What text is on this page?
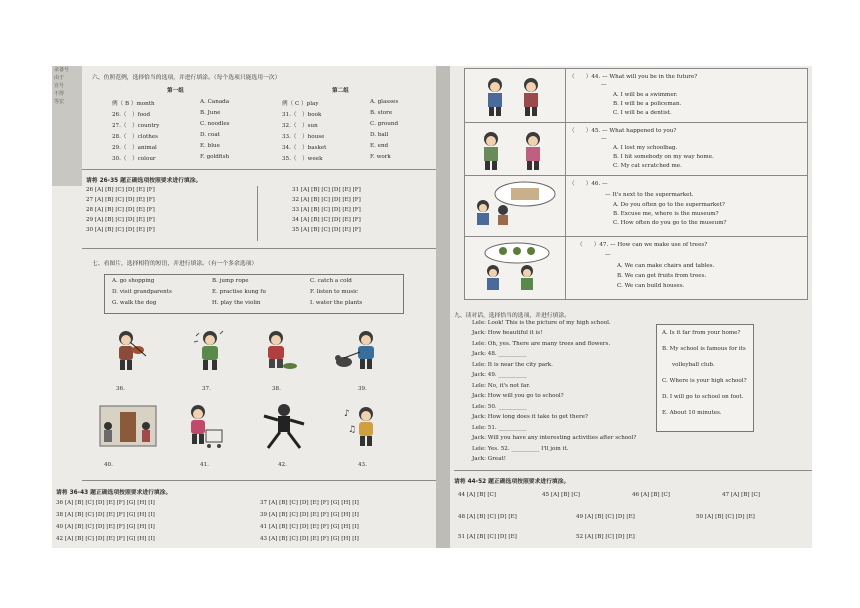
录备号
由于
宣号
不得
等宏
六、仿照范例，选择恰当的选项，并进行填涂。（每个选项只能选用一次）
第一组	第二组
例（ B ）month	A. Canada
26.（　）food	B. June
27.（　）country	C. noodles
28.（　）clothes	D. coat
29.（　）animal	E. blue
30.（　）colour	F. goldfish
例（ C ）play	A. glasses
31.（　）book	B. store
32.（　）sun	C. ground
33.（　）house	D. ball
34.（　）basket	E. end
35.（　）week	F. work
请将 26-35 题正确选项按照要求进行填涂。
26 [A] [B] [C] [D] [E] [F]
27 [A] [B] [C] [D] [E] [F]
28 [A] [B] [C] [D] [E] [F]
29 [A] [B] [C] [D] [E] [F]
30 [A] [B] [C] [D] [E] [F]
31 [A] [B] [C] [D] [E] [F]
32 [A] [B] [C] [D] [E] [F]
33 [A] [B] [C] [D] [E] [F]
34 [A] [B] [C] [D] [E] [F]
35 [A] [B] [C] [D] [E] [F]
七、看图片，选择相符的短语，并进行填涂。（有一个多余选项）
A. go shopping	B. jump rope	C. catch a cold
D. visit grandparents	E. practise kung fu	F. listen to music
G. walk the dog	H. play the violin	I. water the plants
36.	37.	38.	39.
♪
♫
40.	41.	42.	43.
请将 36-43 题正确选项按照要求进行填涂。
36 [A] [B] [C] [D] [E] [F] [G] [H] [I]
38 [A] [B] [C] [D] [E] [F] [G] [H] [I]
40 [A] [B] [C] [D] [E] [F] [G] [H] [I]
42 [A] [B] [C] [D] [E] [F] [G] [H] [I]
37 [A] [B] [C] [D] [E] [F] [G] [H] [I]
39 [A] [B] [C] [D] [E] [F] [G] [H] [I]
41 [A] [B] [C] [D] [E] [F] [G] [H] [I]
43 [A] [B] [C] [D] [E] [F] [G] [H] [I]
（　　）44. — What will you be in the future?
—
A. I will be a swimmer.
B. I will be a policeman.
C. I will be a dentist.
（　　）45. — What happened to you?
—
A. I lost my schoolbag.
B. I hit somebody on my way home.
C. My cat scratched me.
（　　）46. —
— It's next to the supermarket.
A. Do you often go to the supermarket?
B. Excuse me, where is the museum?
C. How often do you go to the museum?
（　　）47. — How can we make use of trees?
—
A. We can make chairs and tables.
B. We can get fruits from trees.
C. We can build houses.
九、读对话，选择恰当的选项，并进行填涂。
Lele: Look! This is the picture of my high school.
Jack: How beautiful it is!
Lele: Oh, yes. There are many trees and flowers.
Jack: 48. __________
Lele: It is near the city park.
Jack: 49. __________
Lele: No, it's not far.
Jack: How will you go to school?
Lele: 50. __________
Jack: How long does it take to get there?
Lele: 51. __________
Jack: Will you have any interesting activities after school?
Lele: Yes. 52. __________ I'll join it.
Jack: Great!
A. Is it far from your home?
B. My school is famous for its
volleyball club.
C. Where is your high school?
D. I will go to school on foot.
E. About 10 minutes.
请将 44-52 题正确选项按照要求进行填涂。
44 [A] [B] [C]	45 [A] [B] [C]	46 [A] [B] [C]	47 [A] [B] [C]
48 [A] [B] [C] [D] [E]	49 [A] [B] [C] [D] [E]	50 [A] [B] [C] [D] [E]
51 [A] [B] [C] [D] [E]	52 [A] [B] [C] [D] [E]
